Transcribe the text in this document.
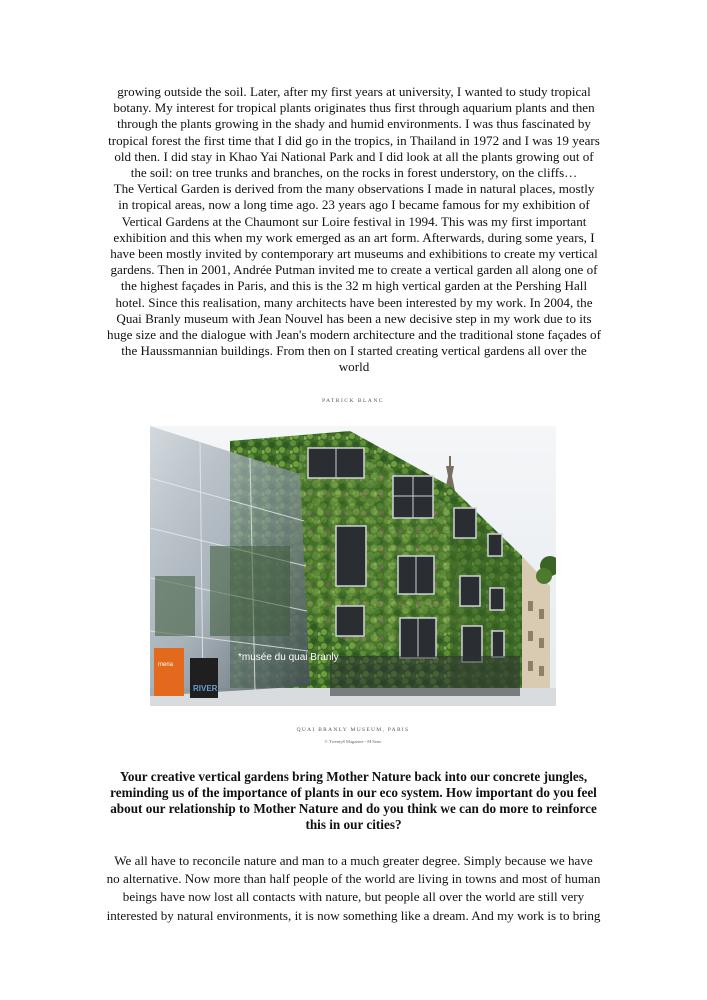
growing outside the soil. Later, after my first years at university, I wanted to study tropical
botany. My interest for tropical plants originates thus first through aquarium plants and then
through the plants growing in the shady and humid environments. I was thus fascinated by
tropical forest the first time that I did go in the tropics, in Thailand in 1972 and I was 19 years
old then. I did stay in Khao Yai National Park and I did look at all the plants growing out of
the soil: on tree trunks and branches, on the rocks in forest understory, on the cliffs…
The Vertical Garden is derived from the many observations I made in natural places, mostly
in tropical areas, now a long time ago. 23 years ago I became famous for my exhibition of
Vertical Gardens at the Chaumont sur Loire festival in 1994. This was my first important
exhibition and this when my work emerged as an art form. Afterwards, during some years, I
have been mostly invited by contemporary art museums and exhibitions to create my vertical
gardens. Then in 2001, Andrée Putman invited me to create a vertical garden all along one of
the highest façades in Paris, and this is the 32 m high vertical garden at the Pershing Hall
hotel. Since this realisation, many architects have been interested by my work. In 2004, the
Quai Branly museum with Jean Nouvel has been a new decisive step in my work due to its
huge size and the dialogue with Jean's modern architecture and the traditional stone façades of
the Haussmannian buildings. From then on I started creating vertical gardens all over the
world

PATRICK BLANC
*musée du quai Branly
mena
RIVER
QUAI BRANLY MUSEUM, PARIS
© Twenty8 Magazine - M Seno

Your creative vertical gardens bring Mother Nature back into our concrete jungles,
reminding us of the importance of plants in our eco system. How important do you feel
about our relationship to Mother Nature and do you think we can do more to reinforce
this in our cities?

We all have to reconcile nature and man to a much greater degree. Simply because we have
no alternative. Now more than half people of the world are living in towns and most of human
beings have now lost all contacts with nature, but people all over the world are still very
interested by natural environments, it is now something like a dream. And my work is to bring
